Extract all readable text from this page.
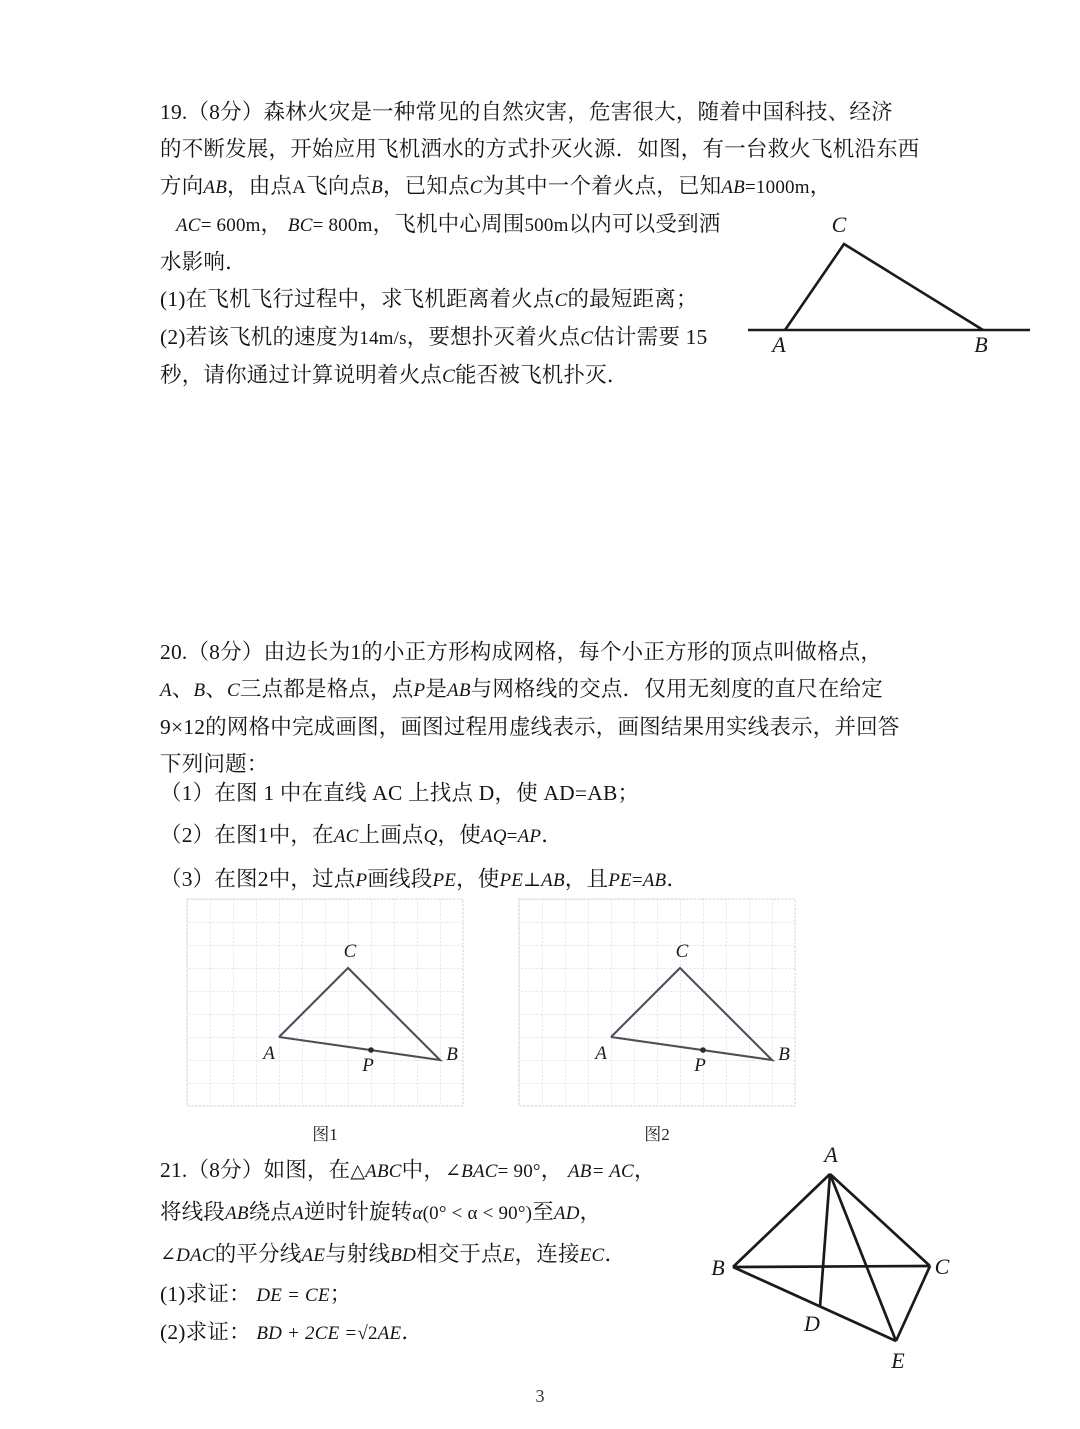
19.（8分）森林火灾是一种常见的自然灾害，危害很大，随着中国科技、经济
的不断发展，开始应用飞机洒水的方式扑灭火源．如图，有一台救火飞机沿东西
方向AB，由点A飞向点B，已知点C为其中一个着火点，已知AB=1000m，
AC= 600m， BC= 800m，飞机中心周围500m以内可以受到洒
水影响．
(1)在飞机飞行过程中，求飞机距离着火点C的最短距离；
(2)若该飞机的速度为14m/s，要想扑灭着火点C估计需要 15
秒，请你通过计算说明着火点C能否被飞机扑灭．
C
A	B
20.（8分）由边长为1的小正方形构成网格，每个小正方形的顶点叫做格点，
A、B、C三点都是格点，点P是AB与网格线的交点．仅用无刻度的直尺在给定
9×12的网格中完成画图，画图过程用虚线表示，画图结果用实线表示，并回答
下列问题：
（1）在图 1 中在直线 AC 上找点 D，使 AD=AB；
（2）在图1中，在AC上画点Q，使AQ=AP．
（3）在图2中，过点P画线段PE，使PE⊥AB，且PE=AB．
C
A	B
P
图1
C
A	B
P
图2
21.（8分）如图，在△ABC中，∠BAC= 90°， AB= AC，
将线段AB绕点A逆时针旋转α(0° < α < 90°)至AD，
∠DAC的平分线AE与射线BD相交于点E，连接EC．
(1)求证： DE = CE；
(2)求证： BD + 2CE =√2AE．
A
B	C
D
E
3
